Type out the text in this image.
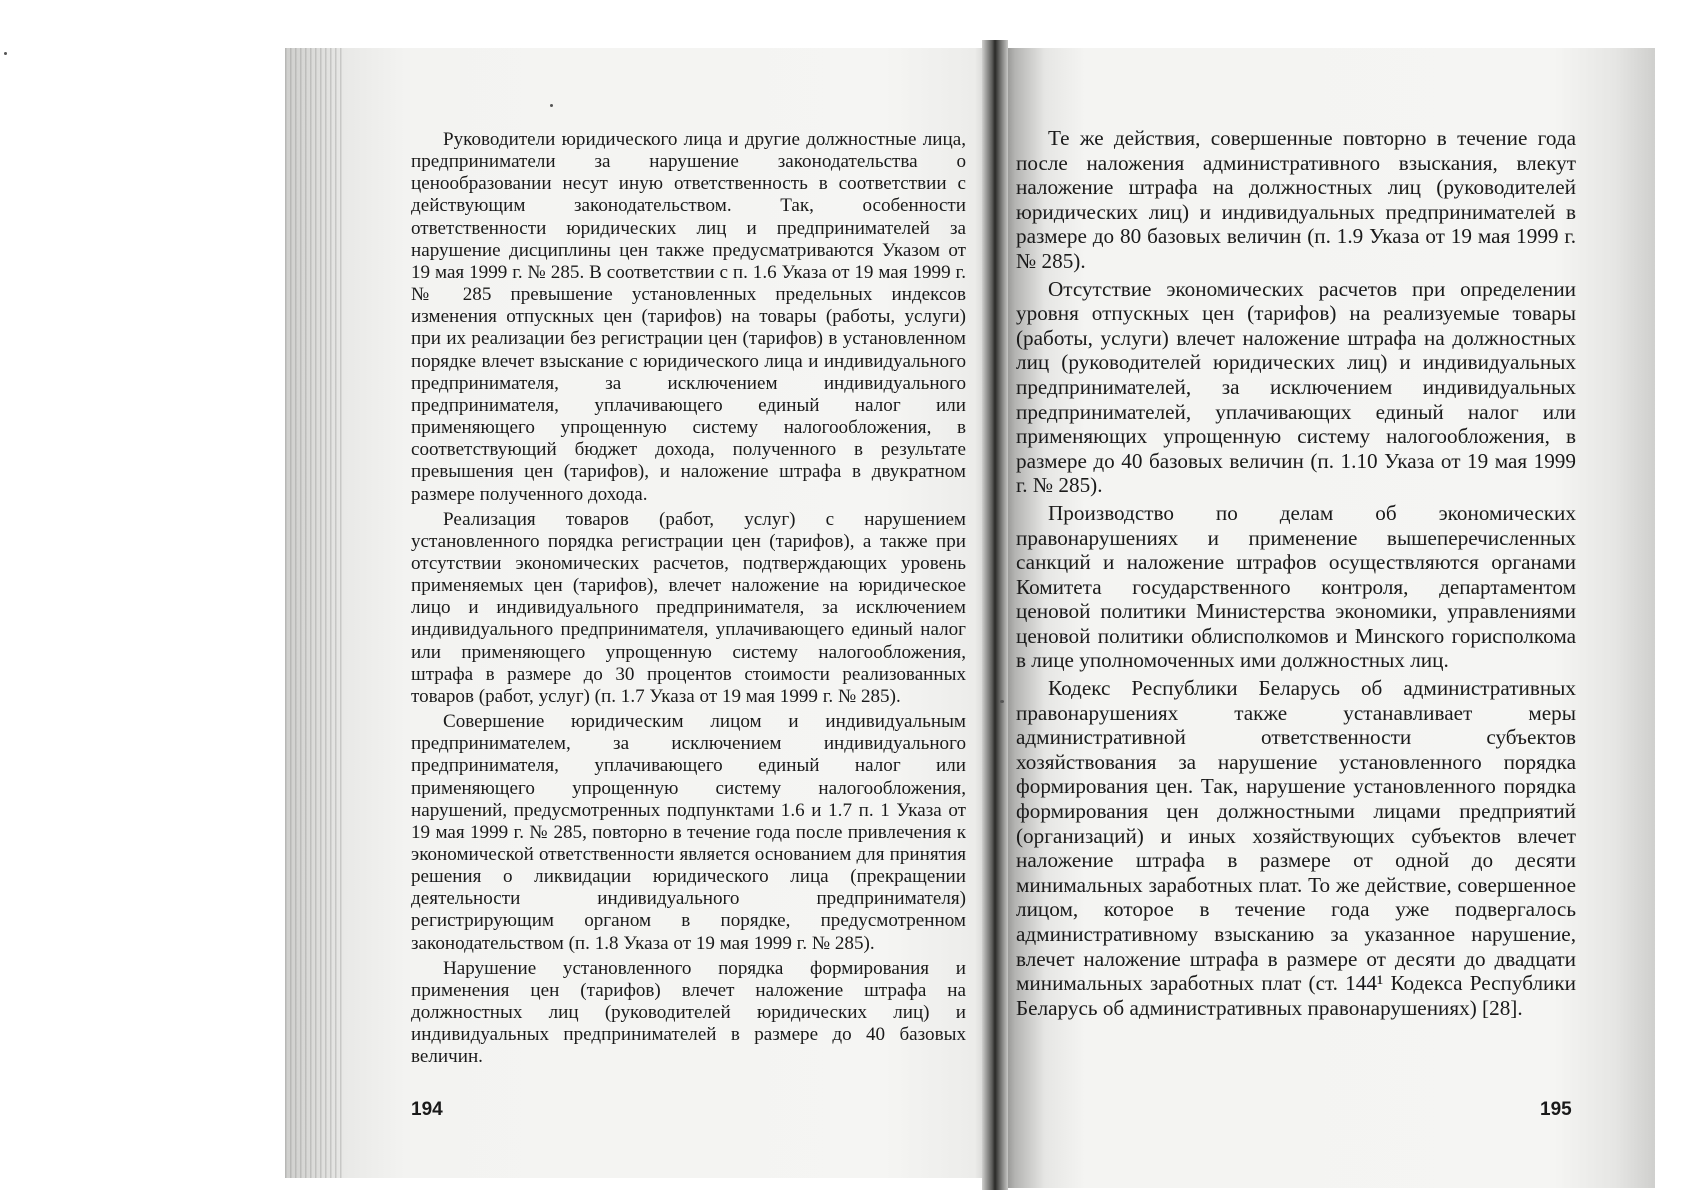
Руководители юридического лица и другие должностные лица, предприниматели за нарушение законодательства о ценообразовании несут иную ответственность в соответствии с действующим законодательством. Так, особенности ответственности юридических лиц и предпринимателей за нарушение дисциплины цен также предусматриваются Указом от 19 мая 1999 г. № 285. В соответствии с п. 1.6 Указа от 19 мая 1999 г. № 285 превышение установленных предельных индексов изменения отпускных цен (тарифов) на товары (работы, услуги) при их реализации без регистрации цен (тарифов) в установленном порядке влечет взыскание с юридического лица и индивидуального предпринимателя, за исключением индивидуального предпринимателя, уплачивающего единый налог или применяющего упрощенную систему налогообложения, в соответствующий бюджет дохода, полученного в результате превышения цен (тарифов), и наложение штрафа в двукратном размере полученного дохода.

Реализация товаров (работ, услуг) с нарушением установленного порядка регистрации цен (тарифов), а также при отсутствии экономических расчетов, подтверждающих уровень применяемых цен (тарифов), влечет наложение на юридическое лицо и индивидуального предпринимателя, за исключением индивидуального предпринимателя, уплачивающего единый налог или применяющего упрощенную систему налогообложения, штрафа в размере до 30 процентов стоимости реализованных товаров (работ, услуг) (п. 1.7 Указа от 19 мая 1999 г. № 285).

Совершение юридическим лицом и индивидуальным предпринимателем, за исключением индивидуального предпринимателя, уплачивающего единый налог или применяющего упрощенную систему налогообложения, нарушений, предусмотренных подпунктами 1.6 и 1.7 п. 1 Указа от 19 мая 1999 г. № 285, повторно в течение года после привлечения к экономической ответственности является основанием для принятия решения о ликвидации юридического лица (прекращении деятельности индивидуального предпринимателя) регистрирующим органом в порядке, предусмотренном законодательством (п. 1.8 Указа от 19 мая 1999 г. № 285).

Нарушение установленного порядка формирования и применения цен (тарифов) влечет наложение штрафа на должностных лиц (руководителей юридических лиц) и индивидуальных предпринимателей в размере до 40 базовых величин.

194

Те же действия, совершенные повторно в течение года после наложения административного взыскания, влекут наложение штрафа на должностных лиц (руководителей юридических лиц) и индивидуальных предпринимателей в размере до 80 базовых величин (п. 1.9 Указа от 19 мая 1999 г. № 285).

Отсутствие экономических расчетов при определении уровня отпускных цен (тарифов) на реализуемые товары (работы, услуги) влечет наложение штрафа на должностных лиц (руководителей юридических лиц) и индивидуальных предпринимателей, за исключением индивидуальных предпринимателей, уплачивающих единый налог или применяющих упрощенную систему налогообложения, в размере до 40 базовых величин (п. 1.10 Указа от 19 мая 1999 г. № 285).

Производство по делам об экономических правонарушениях и применение вышеперечисленных санкций и наложение штрафов осуществляются органами Комитета государственного контроля, департаментом ценовой политики Министерства экономики, управлениями ценовой политики облисполкомов и Минского горисполкома в лице уполномоченных ими должностных лиц.

Кодекс Республики Беларусь об административных правонарушениях также устанавливает меры административной ответственности субъектов хозяйствования за нарушение установленного порядка формирования цен. Так, нарушение установленного порядка формирования цен должностными лицами предприятий (организаций) и иных хозяйствующих субъектов влечет наложение штрафа в размере от одной до десяти минимальных заработных плат. То же действие, совершенное лицом, которое в течение года уже подвергалось административному взысканию за указанное нарушение, влечет наложение штрафа в размере от десяти до двадцати минимальных заработных плат (ст. 144¹ Кодекса Республики Беларусь об административных правонарушениях) [28].

195
